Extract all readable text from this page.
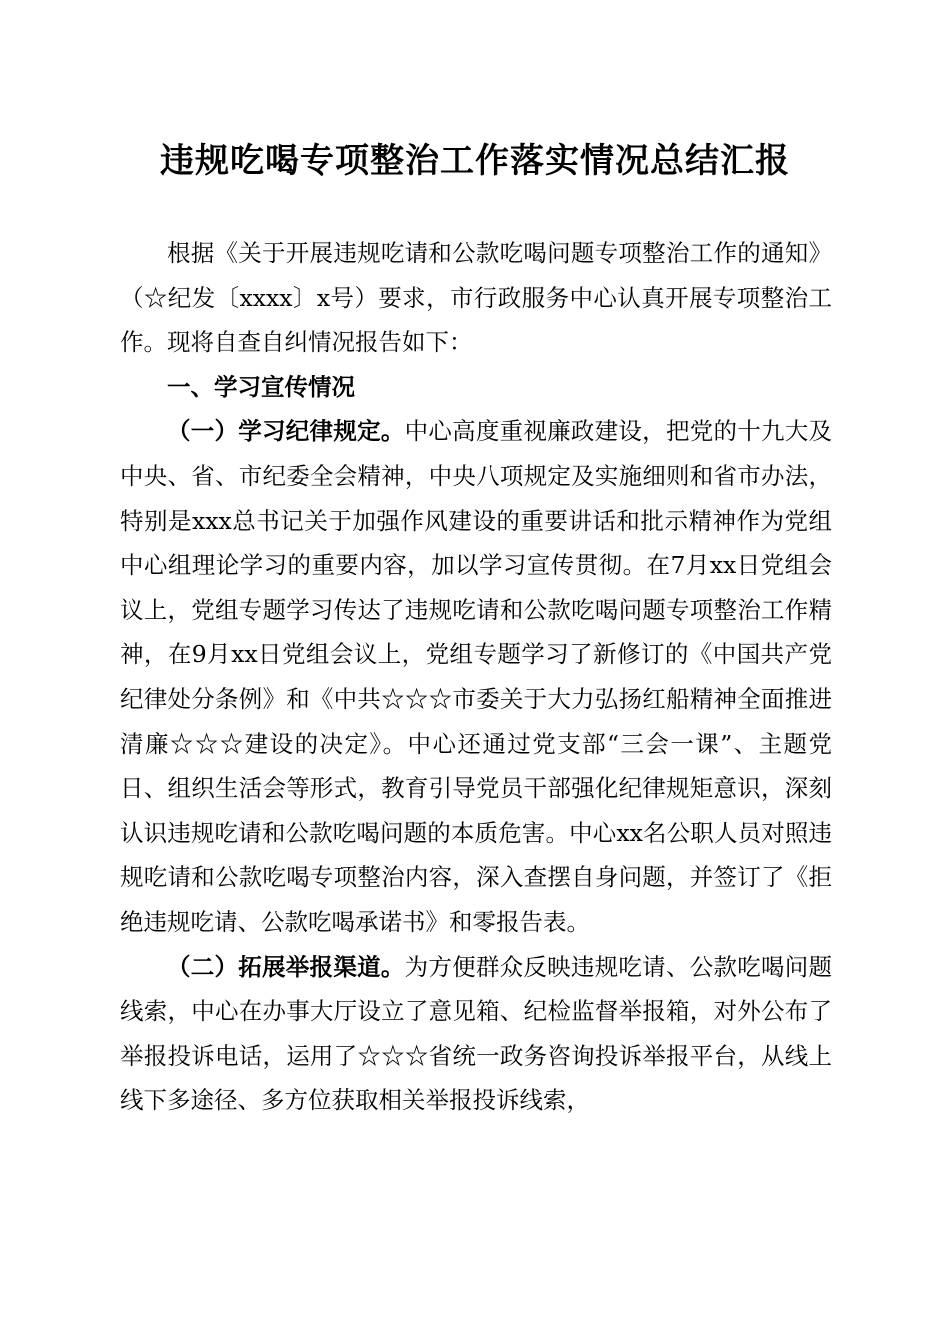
违规吃喝专项整治工作落实情况总结汇报

根据《关于开展违规吃请和公款吃喝问题专项整治工作的通知》（☆纪发〔xxxx〕x号）要求，市行政服务中心认真开展专项整治工作。现将自查自纠情况报告如下：

一、学习宣传情况

（一）学习纪律规定。中心高度重视廉政建设，把党的十九大及中央、省、市纪委全会精神，中央八项规定及实施细则和省市办法，特别是xxx总书记关于加强作风建设的重要讲话和批示精神作为党组中心组理论学习的重要内容，加以学习宣传贯彻。在7月xx日党组会议上，党组专题学习传达了违规吃请和公款吃喝问题专项整治工作精神，在9月xx日党组会议上，党组专题学习了新修订的《中国共产党纪律处分条例》和《中共☆☆☆市委关于大力弘扬红船精神全面推进清廉☆☆☆建设的决定》。中心还通过党支部“三会一课”、主题党日、组织生活会等形式，教育引导党员干部强化纪律规矩意识，深刻认识违规吃请和公款吃喝问题的本质危害。中心xx名公职人员对照违规吃请和公款吃喝专项整治内容，深入查摆自身问题，并签订了《拒绝违规吃请、公款吃喝承诺书》和零报告表。

（二）拓展举报渠道。为方便群众反映违规吃请、公款吃喝问题线索，中心在办事大厅设立了意见箱、纪检监督举报箱，对外公布了举报投诉电话，运用了☆☆☆省统一政务咨询投诉举报平台，从线上线下多途径、多方位获取相关举报投诉线索，
